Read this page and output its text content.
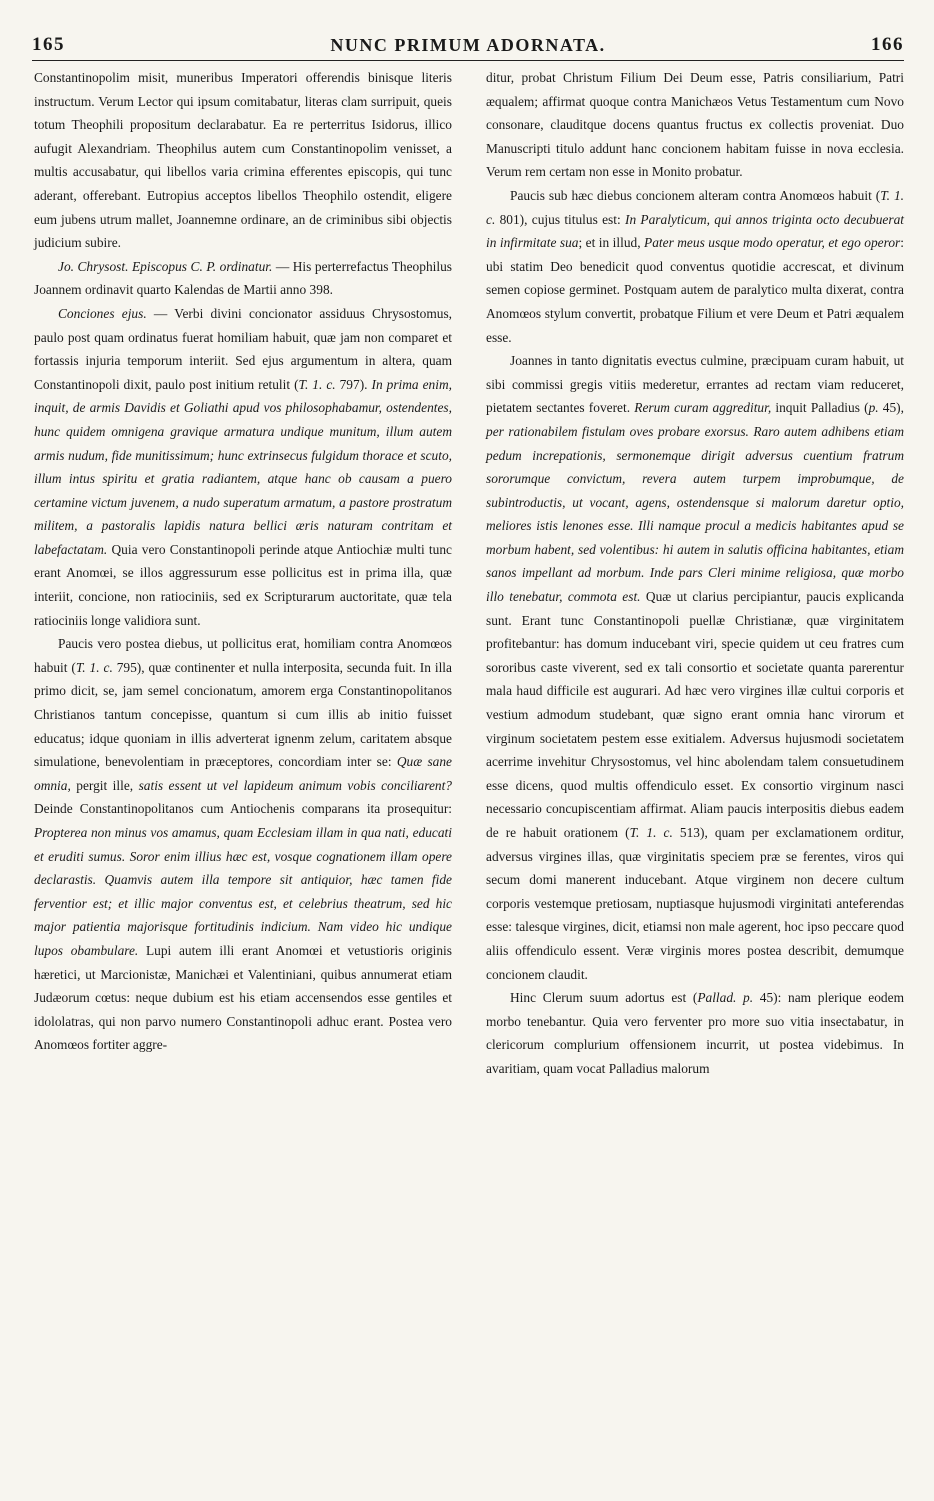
165	NUNC PRIMUM ADORNATA.	166

Constantinopolim misit, muneribus Imperatori offerendis binisque literis instructum. Verum Lector qui ipsum comitabatur, literas clam surripuit, queis totum Theophili propositum declarabatur. Ea re perterritus Isidorus, illico aufugit Alexandriam. Theophilus autem cum Constantinopolim venisset, a multis accusabatur, qui libellos varia crimina efferentes episcopis, qui tunc aderant, offerebant. Eutropius acceptos libellos Theophilo ostendit, eligere eum jubens utrum mallet, Joannemne ordinare, an de criminibus sibi objectis judicium subire.

Jo. Chrysost. Episcopus C. P. ordinatur. — His perterrefactus Theophilus Joannem ordinavit quarto Kalendas de Martii anno 398.

Conciones ejus. — Verbi divini concionator assiduus Chrysostomus, paulo post quam ordinatus fuerat homiliam habuit, quæ jam non comparet et fortassis injuria temporum interiit. Sed ejus argumentum in altera, quam Constantinopoli dixit, paulo post initium retulit (T. 1. c. 797). In prima enim, inquit, de armis Davidis et Goliathi apud vos philosophabamur, ostendentes, hunc quidem omnigena gravique armatura undique munitum, illum autem armis nudum, fide munitissimum; hunc extrinsecus fulgidum thorace et scuto, illum intus spiritu et gratia radiantem, atque hanc ob causam a puero certamine victum juvenem, a nudo superatum armatum, a pastore prostratum militem, a pastoralis lapidis natura bellici æris naturam contritam et labefactatam. Quia vero Constantinopoli perinde atque Antiochiæ multi tunc erant Anomœi, se illos aggressurum esse pollicitus est in prima illa, quæ interiit, concione, non ratiociniis, sed ex Scripturarum auctoritate, quæ tela ratiociniis longe validiora sunt.

Paucis vero postea diebus, ut pollicitus erat, homiliam contra Anomœos habuit (T. 1. c. 795), quæ continenter et nulla interposita, secunda fuit. In illa primo dicit, se, jam semel concionatum, amorem erga Constantinopolitanos Christianos tantum concepisse, quantum si cum illis ab initio fuisset educatus; idque quoniam in illis adverterat ignenm zelum, caritatem absque simulatione, benevolentiam in præceptores, concordiam inter se: Quæ sane omnia, pergit ille, satis essent ut vel lapideum animum vobis conciliarent? Deinde Constantinopolitanos cum Antiochenis comparans ita prosequitur: Propterea non minus vos amamus, quam Ecclesiam illam in qua nati, educati et eruditi sumus. Soror enim illius hæc est, vosque cognationem illam opere declarastis. Quamvis autem illa tempore sit antiquior, hæc tamen fide ferventior est; et illic major conventus est, et celebrius theatrum, sed hic major patientia majorisque fortitudinis indicium. Nam video hic undique lupos obambulare. Lupi autem illi erant Anomœi et vetustioris originis hæretici, ut Marcionistæ, Manichæi et Valentiniani, quibus annumerat etiam Judæorum cœtus: neque dubium est his etiam accensendos esse gentiles et idololatras, qui non parvo numero Constantinopoli adhuc erant. Postea vero Anomœos fortiter aggre-

ditur, probat Christum Filium Dei Deum esse, Patris consiliarium, Patri æqualem; affirmat quoque contra Manichæos Vetus Testamentum cum Novo consonare, clauditque docens quantus fructus ex collectis proveniat. Duo Manuscripti titulo addunt hanc concionem habitam fuisse in nova ecclesia. Verum rem certam non esse in Monito probatur.

Paucis sub hæc diebus concionem alteram contra Anomœos habuit (T. 1. c. 801), cujus titulus est: In Paralyticum, qui annos triginta octo decubuerat in infirmitate sua; et in illud, Pater meus usque modo operatur, et ego operor: ubi statim Deo benedicit quod conventus quotidie accrescat, et divinum semen copiose germinet. Postquam autem de paralytico multa dixerat, contra Anomœos stylum convertit, probatque Filium et vere Deum et Patri æqualem esse.

Joannes in tanto dignitatis evectus culmine, præcipuam curam habuit, ut sibi commissi gregis vitiis mederetur, errantes ad rectam viam reduceret, pietatem sectantes foveret. Rerum curam aggreditur, inquit Palladius (p. 45), per rationabilem fistulam oves probare exorsus. Raro autem adhibens etiam pedum increpationis, sermonemque dirigit adversus cuentium fratrum sororumque convictum, revera autem turpem improbumque, de subintroductis, ut vocant, agens, ostendensque si malorum daretur optio, meliores istis lenones esse. Illi namque procul a medicis habitantes apud se morbum habent, sed volentibus: hi autem in salutis officina habitantes, etiam sanos impellant ad morbum. Inde pars Cleri minime religiosa, quæ morbo illo tenebatur, commota est. Quæ ut clarius percipiantur, paucis explicanda sunt. Erant tunc Constantinopoli puellæ Christianæ, quæ virginitatem profitebantur: has domum inducebant viri, specie quidem ut ceu fratres cum sororibus caste viverent, sed ex tali consortio et societate quanta parerentur mala haud difficile est augurari. Ad hæc vero virgines illæ cultui corporis et vestium admodum studebant, quæ signo erant omnia hanc virorum et virginum societatem pestem esse exitialem. Adversus hujusmodi societatem acerrime invehitur Chrysostomus, vel hinc abolendam talem consuetudinem esse dicens, quod multis offendiculo esset. Ex consortio virginum nasci necessario concupiscentiam affirmat. Aliam paucis interpositis diebus eadem de re habuit orationem (T. 1. c. 513), quam per exclamationem orditur, adversus virgines illas, quæ virginitatis speciem præ se ferentes, viros qui secum domi manerent inducebant. Atque virginem non decere cultum corporis vestemque pretiosam, nuptiasque hujusmodi virginitati anteferendas esse: talesque virgines, dicit, etiamsi non male agerent, hoc ipso peccare quod aliis offendiculo essent. Veræ virginis mores postea describit, demumque concionem claudit.

Hinc Clerum suum adortus est (Pallad. p. 45): nam plerique eodem morbo tenebantur. Quia vero ferventer pro more suo vitia insectabatur, in clericorum complurium offensionem incurrit, ut postea videbimus. In avaritiam, quam vocat Palladius malorum
